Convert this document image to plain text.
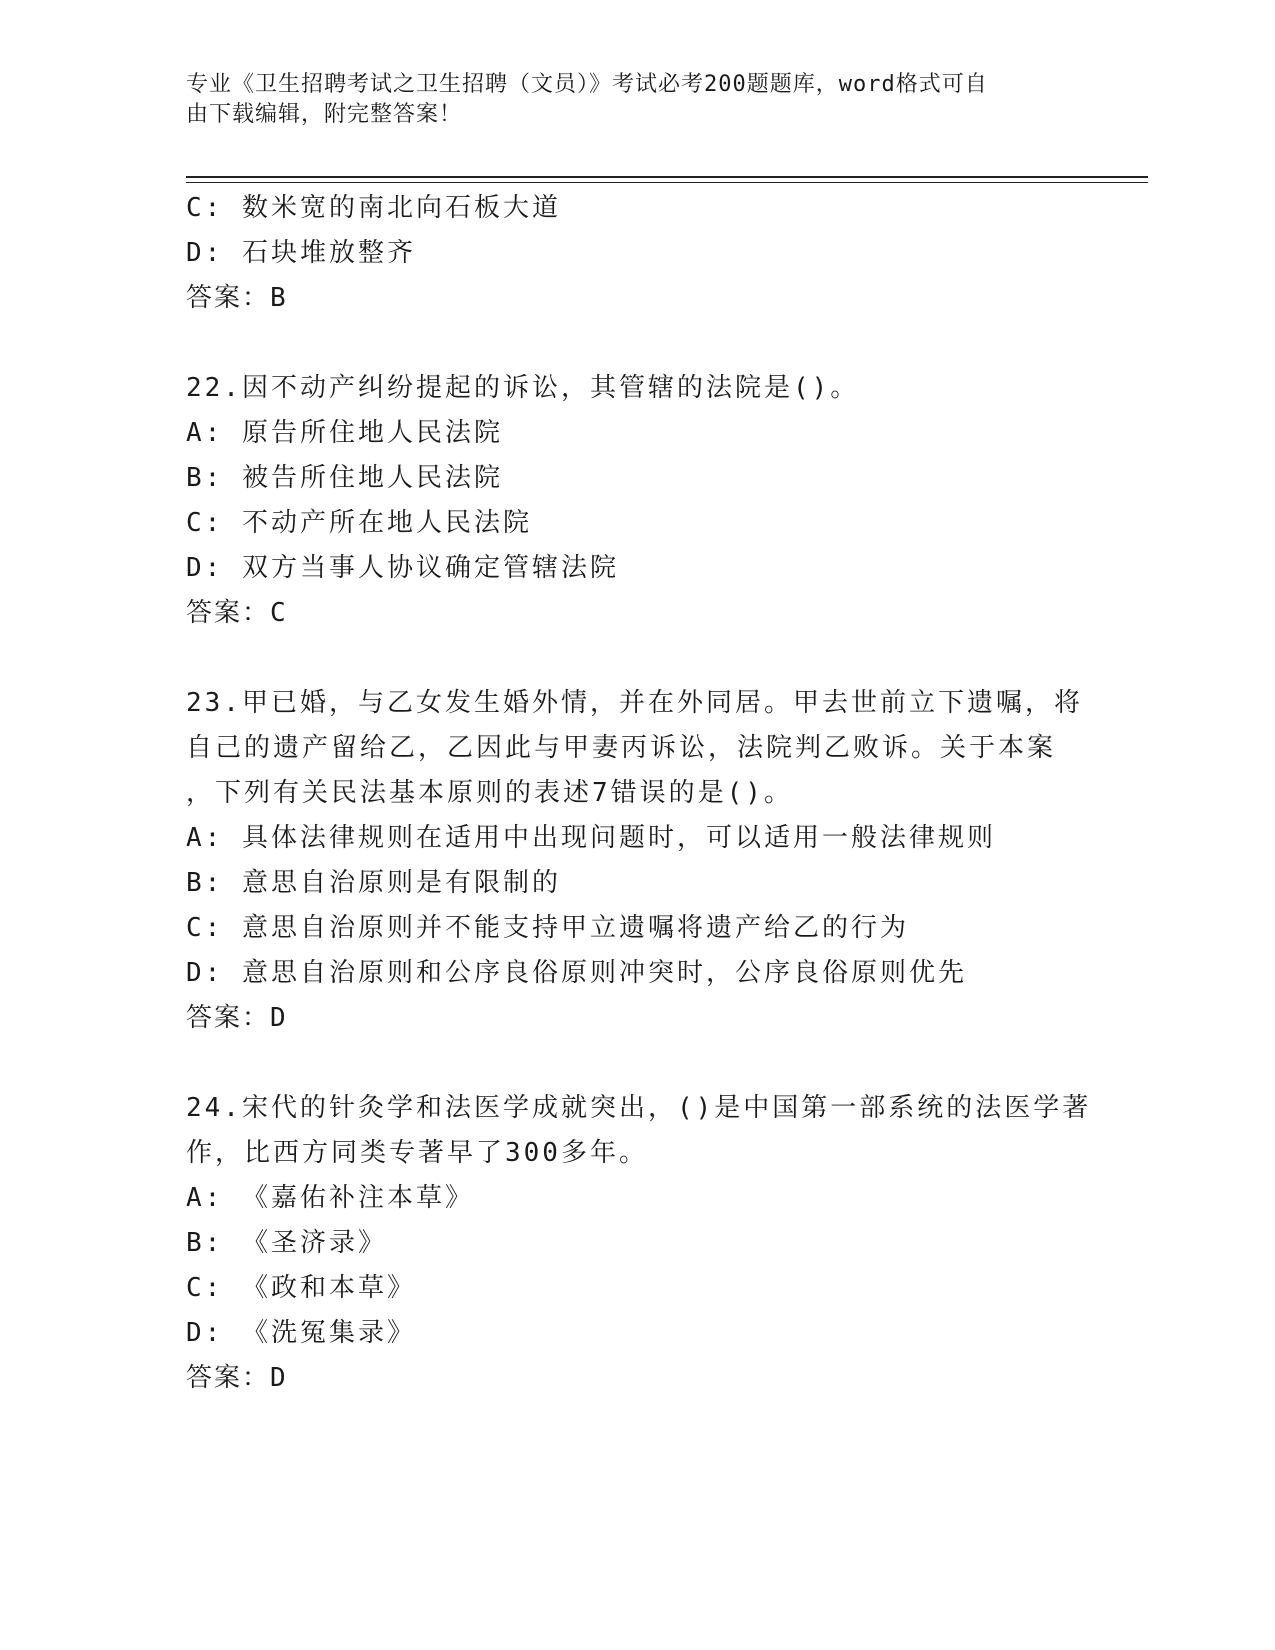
专业《卫生招聘考试之卫生招聘（文员）》考试必考200题题库，word格式可自
由下载编辑，附完整答案！
C: 数米宽的南北向石板大道
D: 石块堆放整齐
答案：B
22.因不动产纠纷提起的诉讼，其管辖的法院是()。
A: 原告所住地人民法院
B: 被告所住地人民法院
C: 不动产所在地人民法院
D: 双方当事人协议确定管辖法院
答案：C
23.甲已婚，与乙女发生婚外情，并在外同居。甲去世前立下遗嘱，将
自己的遗产留给乙，乙因此与甲妻丙诉讼，法院判乙败诉。关于本案
，下列有关民法基本原则的表述7错误的是()。
A: 具体法律规则在适用中出现问题时，可以适用一般法律规则
B: 意思自治原则是有限制的
C: 意思自治原则并不能支持甲立遗嘱将遗产给乙的行为
D: 意思自治原则和公序良俗原则冲突时，公序良俗原则优先
答案：D
24.宋代的针灸学和法医学成就突出，()是中国第一部系统的法医学著
作，比西方同类专著早了300多年。
A: 《嘉佑补注本草》
B: 《圣济录》
C: 《政和本草》
D: 《洗冤集录》
答案：D
